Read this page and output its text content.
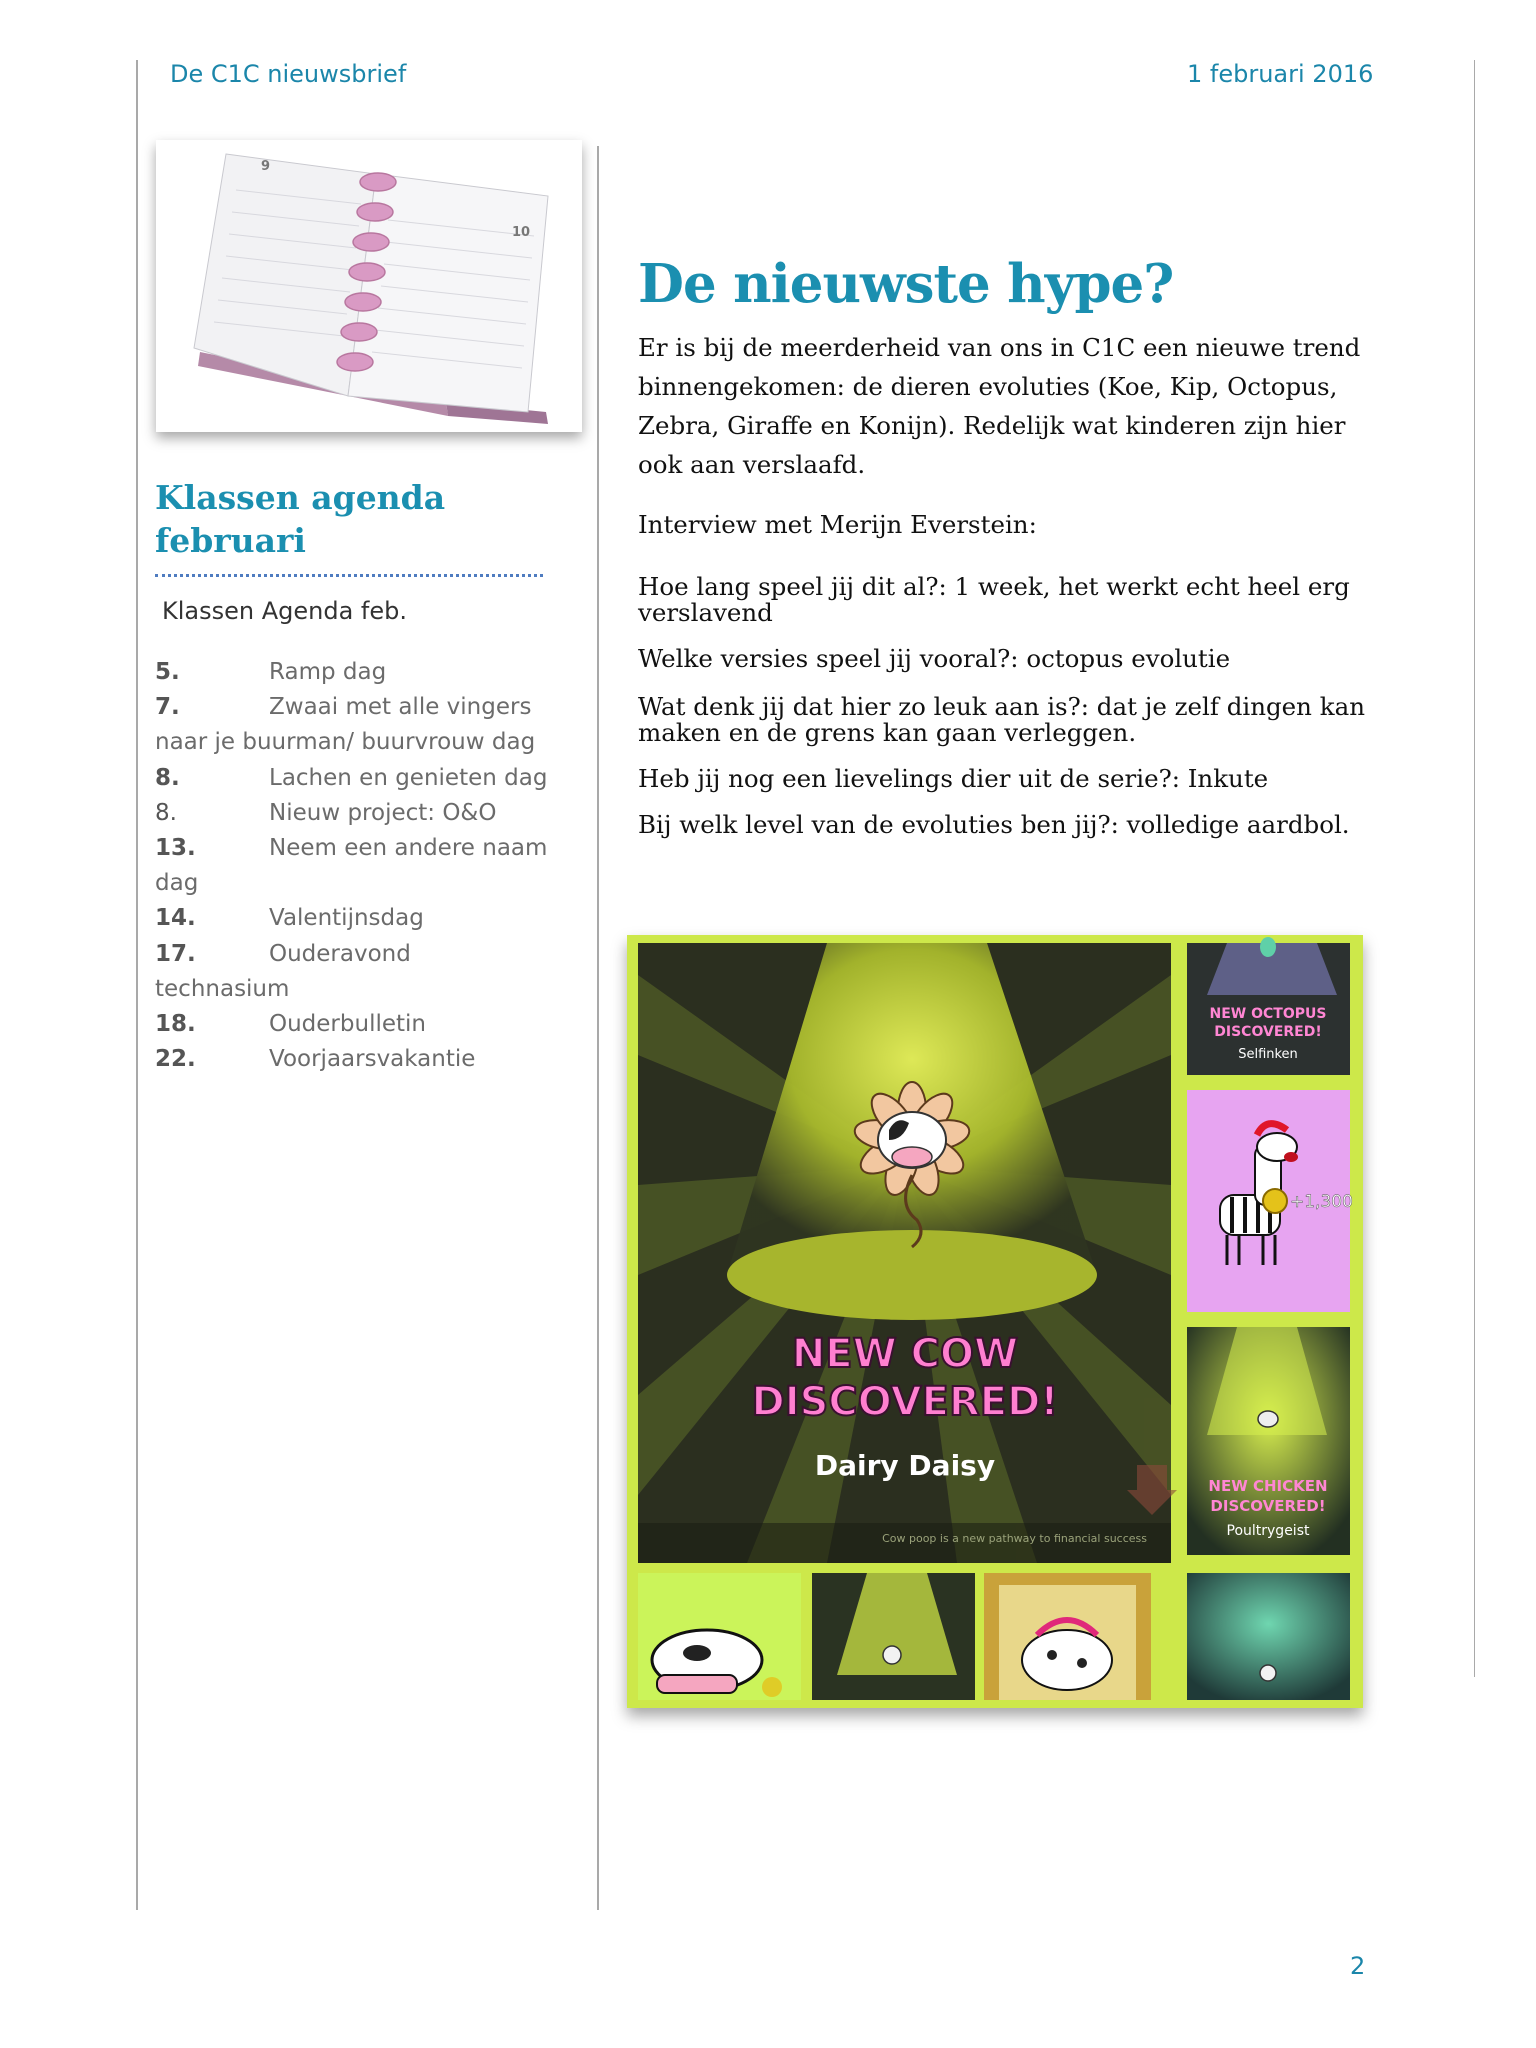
De C1C nieuwsbrief	1 februari 2016
9
10
Klassen agenda februari
Klassen Agenda feb.
5.	Ramp dag
7.	Zwaai met alle vingers naar je buurman/ buurvrouw dag
8.	Lachen en genieten dag
8.	Nieuw project: O&O
13.	Neem een andere naam dag
14.	Valentijnsdag
17.	Ouderavond technasium
18.	Ouderbulletin
22.	Voorjaarsvakantie
De nieuwste hype?
Er is bij de meerderheid van ons in C1C een nieuwe trend binnengekomen: de dieren evoluties (Koe, Kip, Octopus, Zebra, Giraffe en Konijn). Redelijk wat kinderen zijn hier ook aan verslaafd.
Interview met Merijn Everstein:
Hoe lang speel jij dit al?: 1 week, het werkt echt heel erg verslavend
Welke versies speel jij vooral?: octopus evolutie
Wat denk jij dat hier zo leuk aan is?: dat je zelf dingen kan maken en de grens kan gaan verleggen.
Heb jij nog een lievelings dier uit de serie?: Inkute
Bij welk level van de evoluties ben jij?: volledige aardbol.
NEW COW
DISCOVERED!
Dairy Daisy
Cow poop is a new pathway to financial success
NEW OCTOPUS
DISCOVERED!
Selfinken
+1,300
NEW CHICKEN
DISCOVERED!
Poultrygeist
2
